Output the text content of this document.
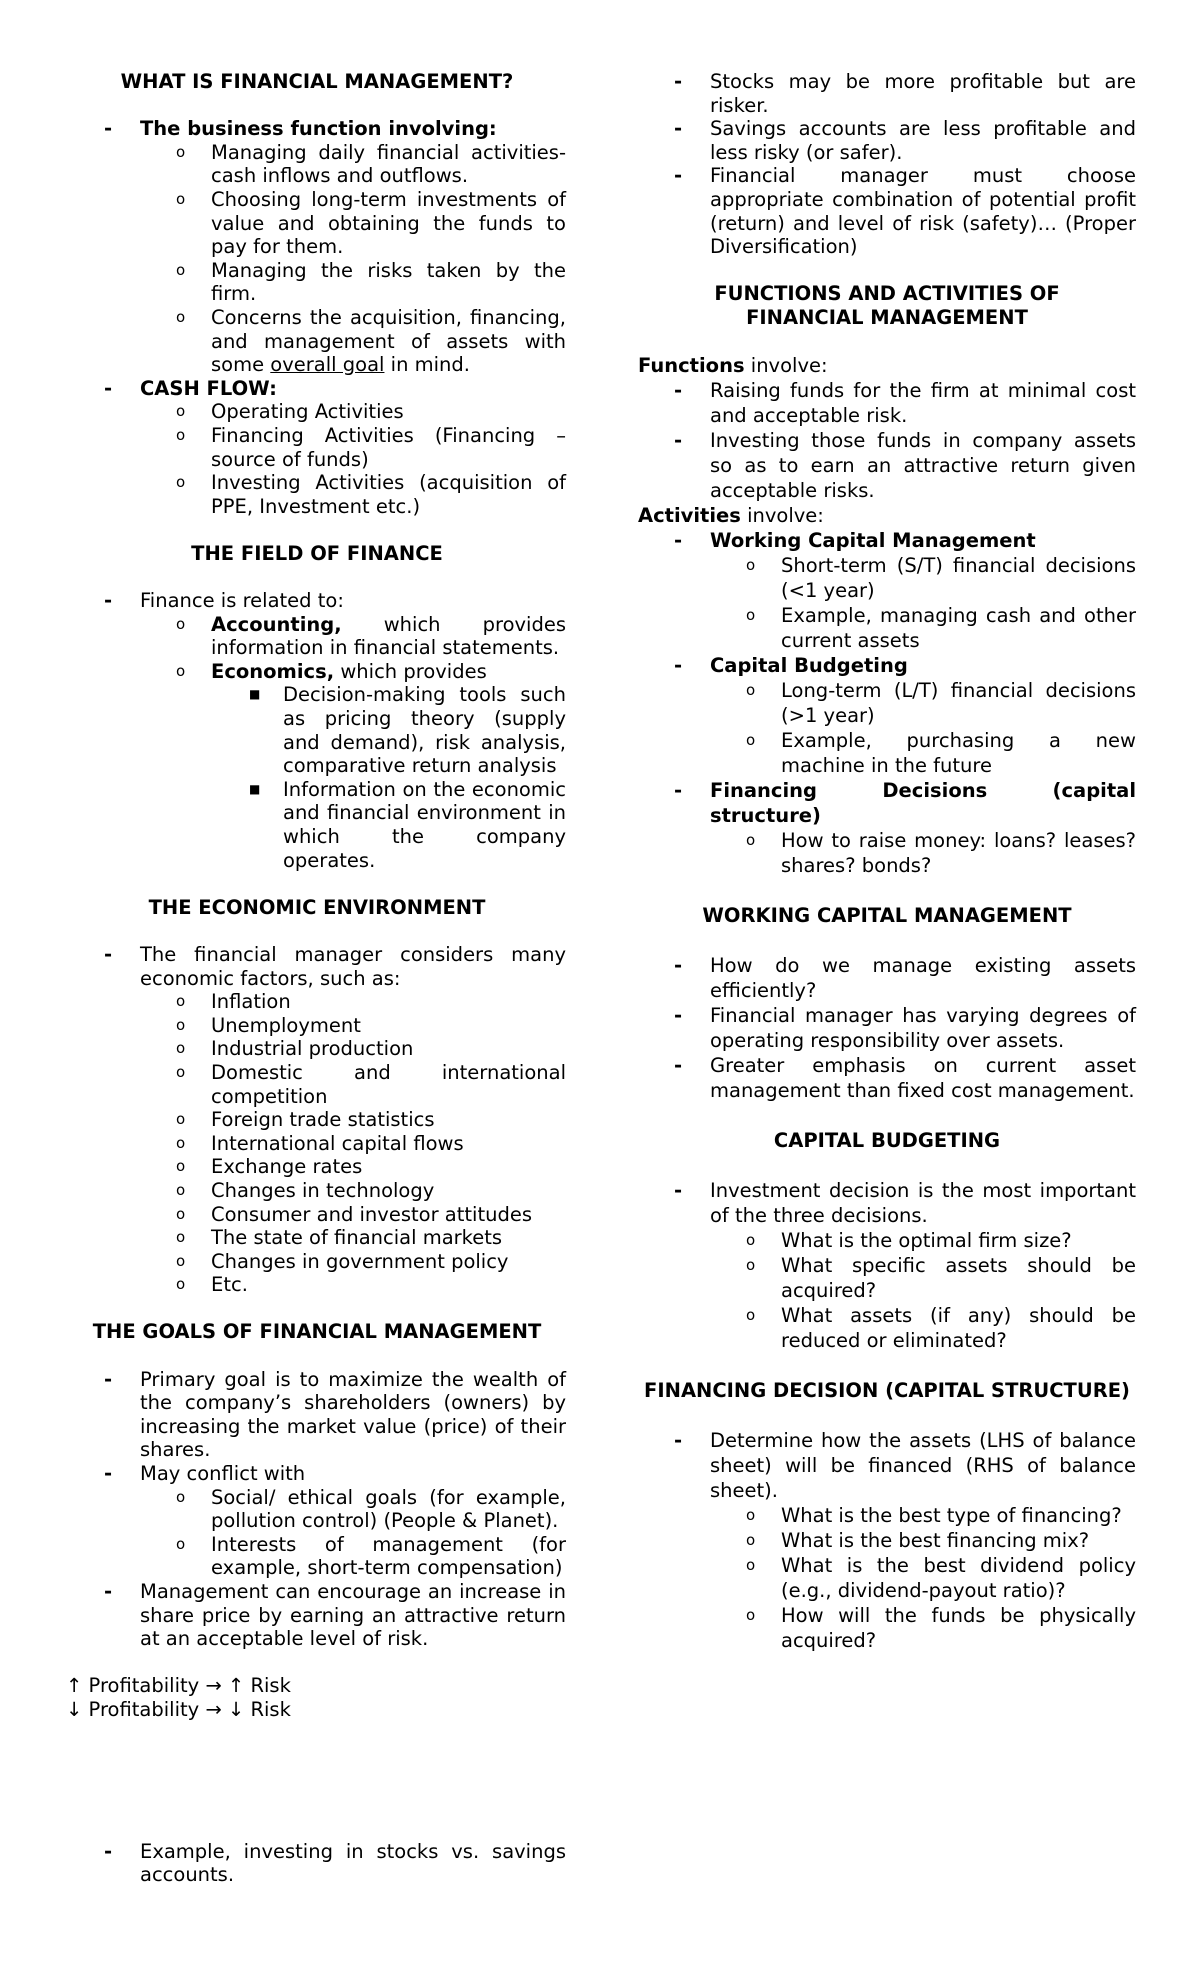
WHAT IS FINANCIAL MANAGEMENT?
- The business function involving:
o Managing daily financial activities- cash inflows and outflows.
o Choosing long-term investments of value and obtaining the funds to pay for them.
o Managing the risks taken by the firm.
o Concerns the acquisition, financing, and management of assets with some overall goal in mind.
- CASH FLOW:
o Operating Activities
o Financing Activities (Financing – source of funds)
o Investing Activities (acquisition of PPE, Investment etc.)
THE FIELD OF FINANCE
- Finance is related to:
o Accounting, which provides information in financial statements.
o Economics, which provides
■ Decision-making tools such as pricing theory (supply and demand), risk analysis, comparative return analysis
■ Information on the economic and financial environment in which the company operates.
THE ECONOMIC ENVIRONMENT
- The financial manager considers many economic factors, such as:
o Inflation
o Unemployment
o Industrial production
o Domestic and international competition
o Foreign trade statistics
o International capital flows
o Exchange rates
o Changes in technology
o Consumer and investor attitudes
o The state of financial markets
o Changes in government policy
o Etc.
THE GOALS OF FINANCIAL MANAGEMENT
- Primary goal is to maximize the wealth of the company’s shareholders (owners) by increasing the market value (price) of their shares.
- May conflict with
o Social/ ethical goals (for example, pollution control) (People & Planet).
o Interests of management (for example, short-term compensation)
- Management can encourage an increase in share price by earning an attractive return at an acceptable level of risk.
↑ Profitability → ↑ Risk
↓ Profitability → ↓ Risk
- Example, investing in stocks vs. savings accounts.
- Stocks may be more profitable but are risker.
- Savings accounts are less profitable and less risky (or safer).
- Financial manager must choose appropriate combination of potential profit (return) and level of risk (safety)… (Proper Diversification)
FUNCTIONS AND ACTIVITIES OF FINANCIAL MANAGEMENT
Functions involve:
- Raising funds for the firm at minimal cost and acceptable risk.
- Investing those funds in company assets so as to earn an attractive return given acceptable risks.
Activities involve:
- Working Capital Management
o Short-term (S/T) financial decisions (<1 year)
o Example, managing cash and other current assets
- Capital Budgeting
o Long-term (L/T) financial decisions (>1 year)
o Example, purchasing a new machine in the future
- Financing Decisions (capital structure)
o How to raise money: loans? leases? shares? bonds?
WORKING CAPITAL MANAGEMENT
- How do we manage existing assets efficiently?
- Financial manager has varying degrees of operating responsibility over assets.
- Greater emphasis on current asset management than fixed cost management.
CAPITAL BUDGETING
- Investment decision is the most important of the three decisions.
o What is the optimal firm size?
o What specific assets should be acquired?
o What assets (if any) should be reduced or eliminated?
FINANCING DECISION (CAPITAL STRUCTURE)
- Determine how the assets (LHS of balance sheet) will be financed (RHS of balance sheet).
o What is the best type of financing?
o What is the best financing mix?
o What is the best dividend policy (e.g., dividend-payout ratio)?
o How will the funds be physically acquired?
